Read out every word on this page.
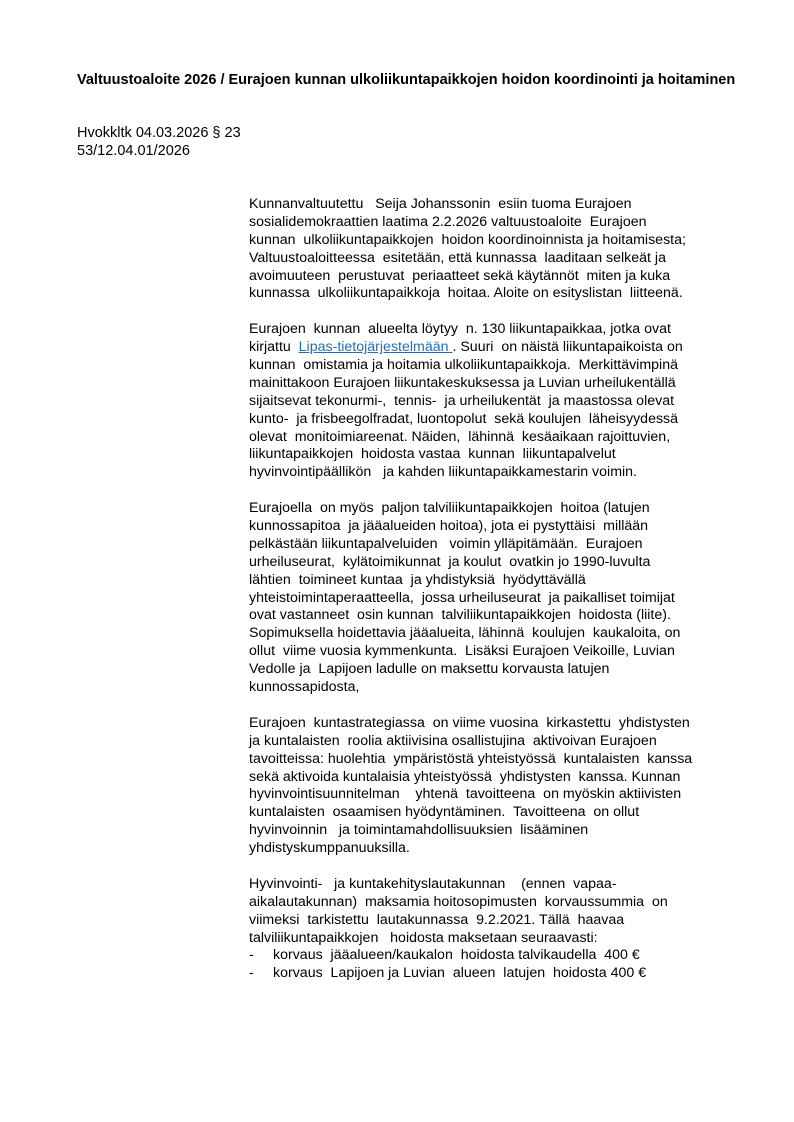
Valtuustoaloite 2026 / Eurajoen kunnan ulkoliikuntapaikkojen hoidon koordinointi ja hoitaminen
Hvokkltk 04.03.2026 § 23
53/12.04.01/2026
Kunnanvaltuutettu   Seija Johanssonin  esiin tuoma Eurajoen
sosialidemokraattien laatima 2.2.2026 valtuustoaloite  Eurajoen
kunnan  ulkoliikuntapaikkojen  hoidon koordinoinnista ja hoitamisesta;
Valtuustoaloitteessa  esitetään, että kunnassa  laaditaan selkeät ja
avoimuuteen  perustuvat  periaatteet sekä käytännöt  miten ja kuka
kunnassa  ulkoliikuntapaikkoja  hoitaa. Aloite on esityslistan  liitteenä.
Eurajoen  kunnan  alueelta löytyy  n. 130 liikuntapaikkaa, jotka ovat
kirjattu  Lipas-tietojärjestelmään . Suuri  on näistä liikuntapaikoista on
kunnan  omistamia ja hoitamia ulkoliikuntapaikkoja.  Merkittävimpinä
mainittakoon Eurajoen liikuntakeskuksessa ja Luvian urheilukentällä
sijaitsevat tekonurmi-,  tennis-  ja urheilukentät  ja maastossa olevat
kunto-  ja frisbeegolfradat, luontopolut  sekä koulujen  läheisyydessä
olevat  monitoimiareenat. Näiden,  lähinnä  kesäaikaan rajoittuvien,
liikuntapaikkojen  hoidosta vastaa  kunnan  liikuntapalvelut
hyvinvointipäällikön   ja kahden liikuntapaikkamestarin voimin.
Eurajoella  on myös  paljon talviliikuntapaikkojen  hoitoa (latujen
kunnossapitoa  ja jääalueiden hoitoa), jota ei pystyttäisi  millään
pelkästään liikuntapalveluiden   voimin ylläpitämään.  Eurajoen
urheiluseurat,  kylätoimikunnat  ja koulut  ovatkin jo 1990-luvulta
lähtien  toimineet kuntaa  ja yhdistyksiä  hyödyttävällä
yhteistoimintaperaatteella,  jossa urheiluseurat  ja paikalliset toimijat
ovat vastanneet  osin kunnan  talviliikuntapaikkojen  hoidosta (liite).
Sopimuksella hoidettavia jääalueita, lähinnä  koulujen  kaukaloita, on
ollut  viime vuosia kymmenkunta.  Lisäksi Eurajoen Veikoille, Luvian
Vedolle ja  Lapijoen ladulle on maksettu korvausta latujen
kunnossapidosta,
Eurajoen  kuntastrategiassa  on viime vuosina  kirkastettu  yhdistysten
ja kuntalaisten  roolia aktiivisina osallistujina  aktivoivan Eurajoen
tavoitteissa: huolehtia  ympäristöstä yhteistyössä  kuntalaisten  kanssa
sekä aktivoida kuntalaisia yhteistyössä  yhdistysten  kanssa. Kunnan
hyvinvointisuunnitelman    yhtenä  tavoitteena  on myöskin aktiivisten
kuntalaisten  osaamisen hyödyntäminen.  Tavoitteena  on ollut
hyvinvoinnin   ja toimintamahdollisuuksien  lisääminen
yhdistyskumppanuuksilla.
Hyvinvointi-   ja kuntakehityslautakunnan    (ennen  vapaa-
aikalautakunnan)  maksamia hoitosopimusten  korvaussummia  on
viimeksi  tarkistettu  lautakunnassa  9.2.2021. Tällä  haavaa
talviliikuntapaikkojen   hoidosta maksetaan seuraavasti:
-	korvaus  jääalueen/kaukalon  hoidosta talvikaudella  400 €
-	korvaus  Lapijoen ja Luvian  alueen  latujen  hoidosta 400 €
